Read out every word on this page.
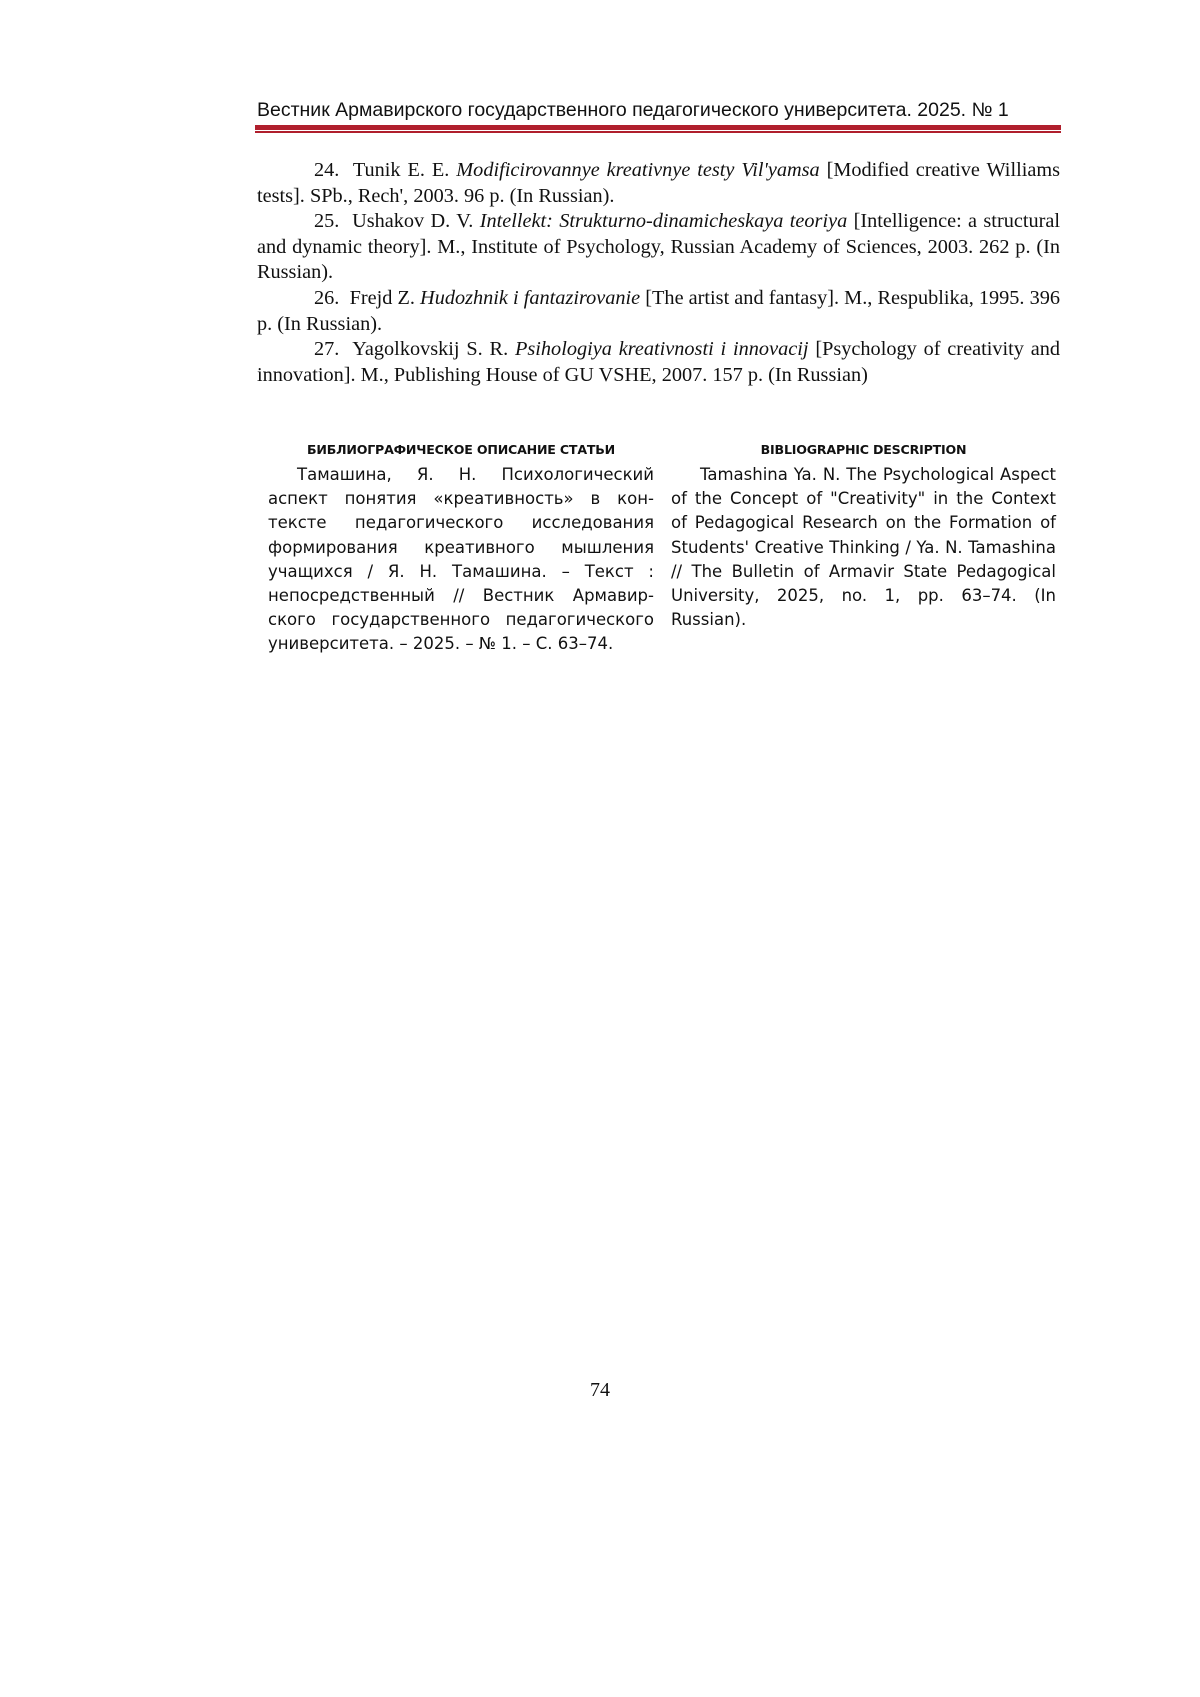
Вестник Армавирского государственного педагогического университета. 2025. № 1

24. Tunik E. E. Modificirovannye kreativnye testy Vil'yamsa [Modified creative Williams tests]. SPb., Rech', 2003. 96 p. (In Russian).

25. Ushakov D. V. Intellekt: Strukturno-dinamicheskaya teoriya [Intelligence: a structural and dynamic theory]. M., Institute of Psychology, Russian Academy of Sciences, 2003. 262 p. (In Russian).

26. Frejd Z. Hudozhnik i fantazirovanie [The artist and fantasy]. M., Respublika, 1995. 396 p. (In Russian).

27. Yagolkovskij S. R. Psihologiya kreativnosti i innovacij [Psychology of creativity and innovation]. M., Publishing House of GU VSHE, 2007. 157 p. (In Russian)

БИБЛИОГРАФИЧЕСКОЕ ОПИСАНИЕ СТАТЬИ

Тамашина, Я. Н. Психологический аспект понятия «креативность» в контексте педагогического исследования формирования креативного мышления учащихся / Я. Н. Тамашина. – Текст : непосредственный // Вестник Армавирского государственного педагогического университета. – 2025. – № 1. – С. 63–74.

BIBLIOGRAPHIC DESCRIPTION

Tamashina Ya. N. The Psychological Aspect of the Concept of "Creativity" in the Context of Pedagogical Research on the Formation of Students' Creative Thinking / Ya. N. Tamashina // The Bulletin of Armavir State Pedagogical University, 2025, no. 1, pp. 63–74. (In Russian).

74
